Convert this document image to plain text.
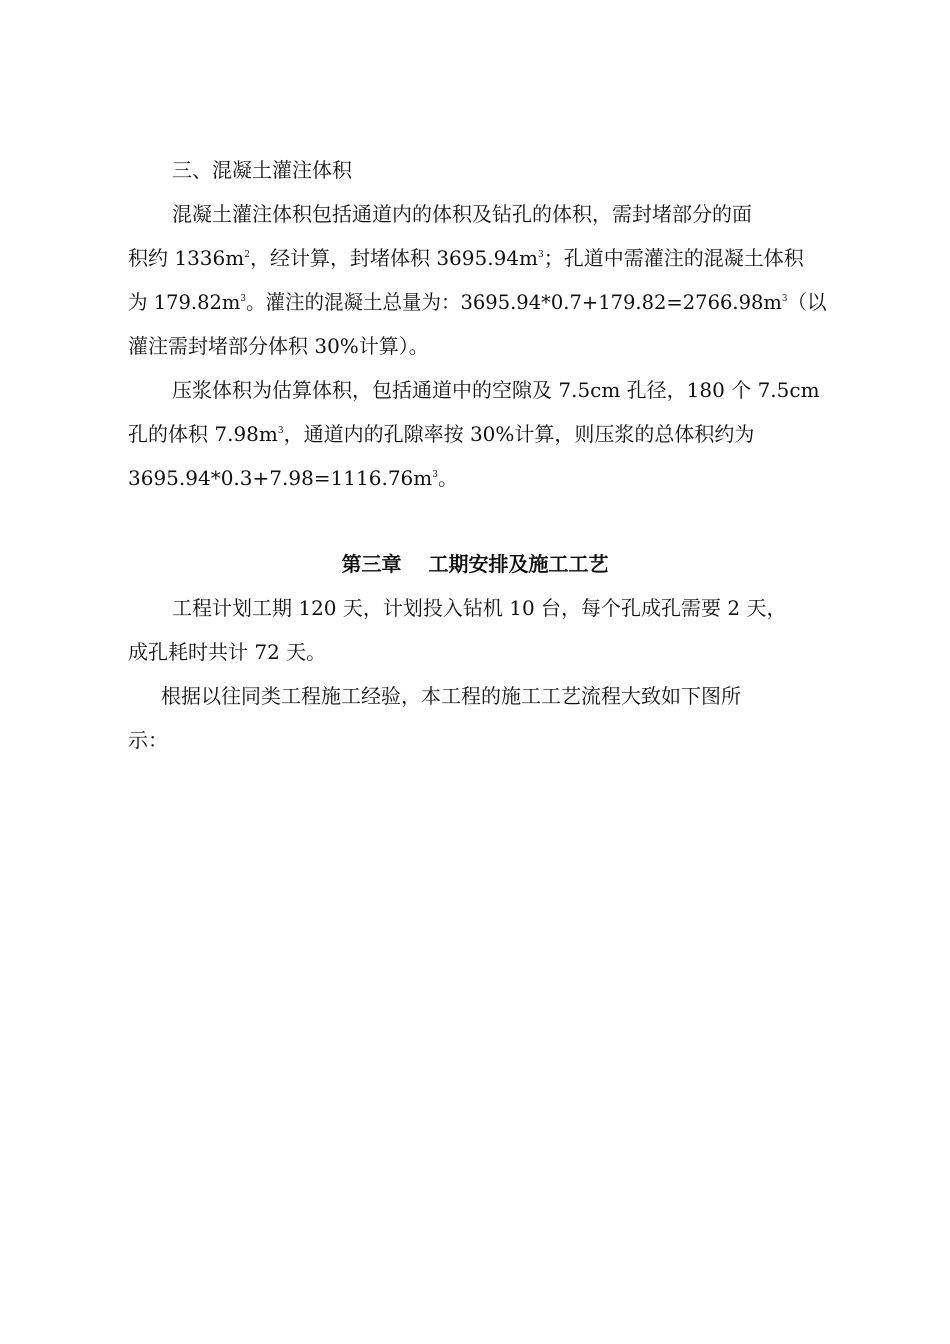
三、混凝土灌注体积
混凝土灌注体积包括通道内的体积及钻孔的体积，需封堵部分的面
积约 $1336m^2$，经计算，封堵体积 $3695.94m^3$；孔道中需灌注的混凝土体积
为 $179.82m^3$。灌注的混凝土总量为：$3695.94*0.7+179.82=2766.98m^3$（以
灌注需封堵部分体积 30%计算）。
压浆体积为估算体积，包括通道中的空隙及 7.5cm 孔径，180 个 7.5cm
孔的体积 $7.98m^3$，通道内的孔隙率按 30%计算，则压浆的总体积约为
$3695.94*0.3+7.98=1116.76m^3$。
第三章　 工期安排及施工工艺
工程计划工期 120 天，计划投入钻机 10 台，每个孔成孔需要 2 天，
成孔耗时共计 72 天。
根据以往同类工程施工经验，本工程的施工工艺流程大致如下图所
示：
